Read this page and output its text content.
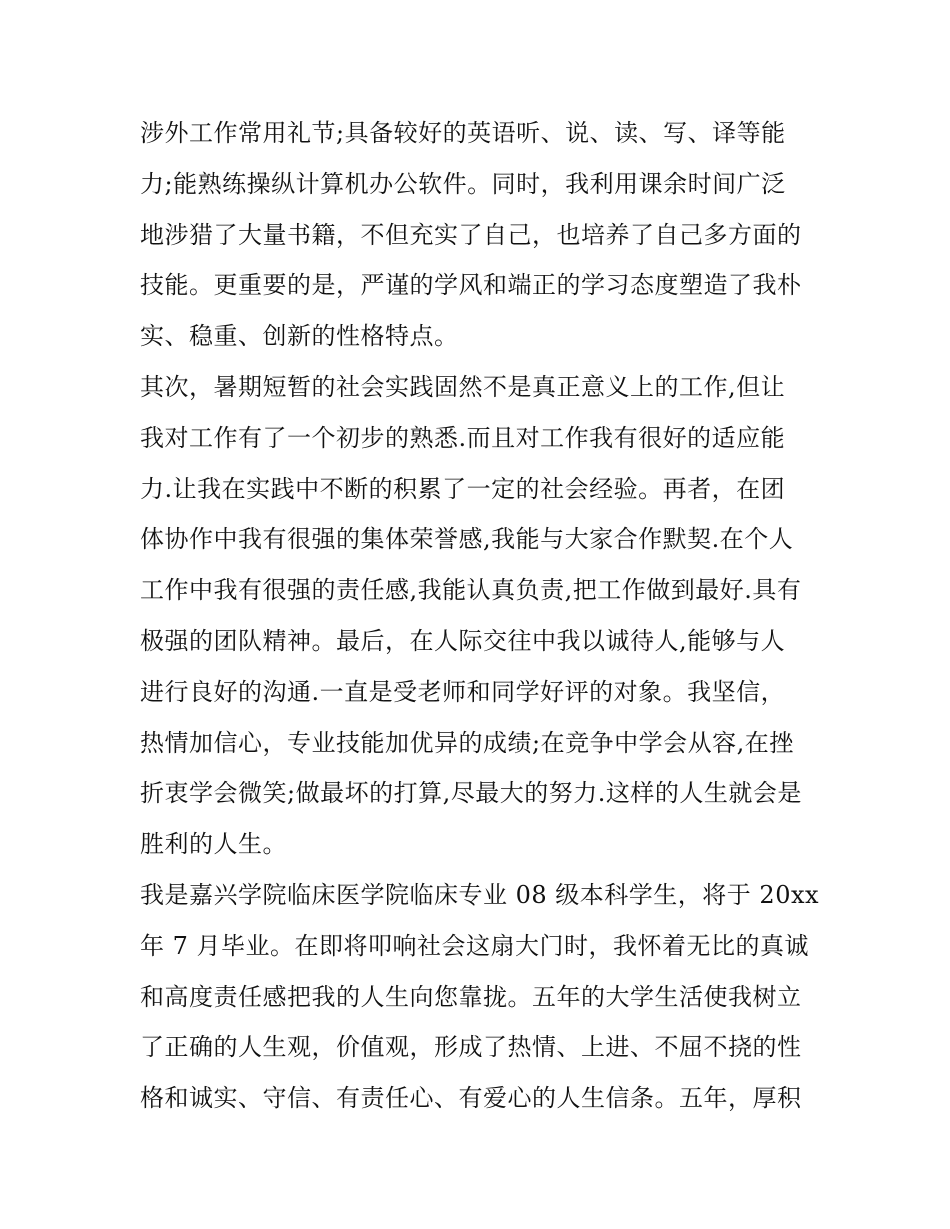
涉外工作常用礼节;具备较好的英语听、说、读、写、译等能
力;能熟练操纵计算机办公软件。同时，我利用课余时间广泛
地涉猎了大量书籍，不但充实了自己，也培养了自己多方面的
技能。更重要的是，严谨的学风和端正的学习态度塑造了我朴
实、稳重、创新的性格特点。
其次，暑期短暂的社会实践固然不是真正意义上的工作,但让
我对工作有了一个初步的熟悉.而且对工作我有很好的适应能
力.让我在实践中不断的积累了一定的社会经验。再者，在团
体协作中我有很强的集体荣誉感,我能与大家合作默契.在个人
工作中我有很强的责任感,我能认真负责,把工作做到最好.具有
极强的团队精神。最后，在人际交往中我以诚待人,能够与人
进行良好的沟通.一直是受老师和同学好评的对象。我坚信，
热情加信心，专业技能加优异的成绩;在竞争中学会从容,在挫
折衷学会微笑;做最坏的打算,尽最大的努力.这样的人生就会是
胜利的人生。
我是嘉兴学院临床医学院临床专业 08 级本科学生，将于 20xx
年 7 月毕业。在即将叩响社会这扇大门时，我怀着无比的真诚
和高度责任感把我的人生向您靠拢。五年的大学生活使我树立
了正确的人生观，价值观，形成了热情、上进、不屈不挠的性
格和诚实、守信、有责任心、有爱心的人生信条。五年，厚积
